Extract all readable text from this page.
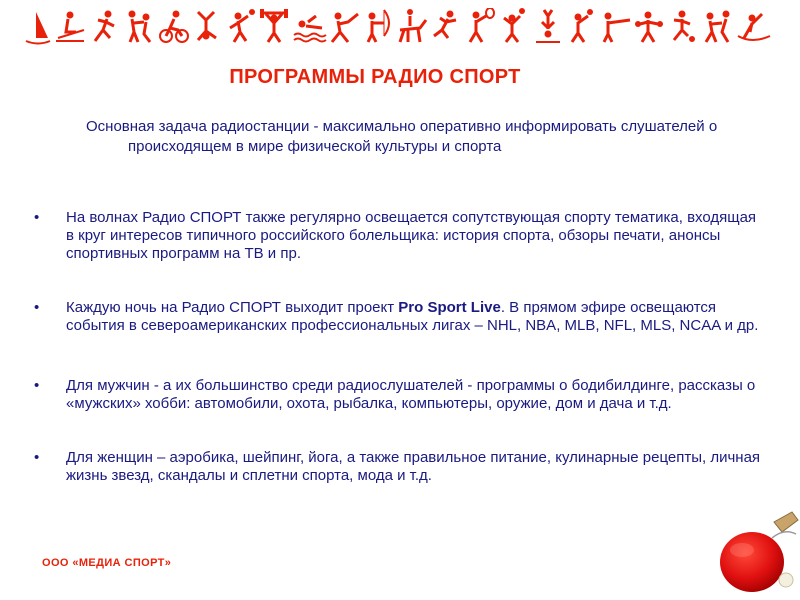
ПРОГРАММЫ РАДИО СПОРТ
Основная задача радиостанции - максимально оперативно информировать слушателей о происходящем в мире физической культуры и спорта
• На волнах Радио СПОРТ также регулярно освещается сопутствующая спорту тематика, входящая в круг интересов типичного российского болельщика: история спорта, обзоры печати, анонсы спортивных программ на ТВ и пр.
• Каждую ночь на Радио СПОРТ выходит проект Pro Sport Live. В прямом эфире освещаются события в североамериканских профессиональных лигах – NHL, NBA, MLB, NFL, MLS, NCAA и др.
• Для мужчин - а их большинство среди радиослушателей - программы о бодибилдинге, рассказы о «мужских» хобби: автомобили, охота, рыбалка, компьютеры, оружие, дом и дача и т.д.
• Для женщин – аэробика, шейпинг, йога, а также правильное питание, кулинарные рецепты, личная жизнь звезд, скандалы и сплетни спорта, мода и т.д.
ООО «МЕДИА СПОРТ»
